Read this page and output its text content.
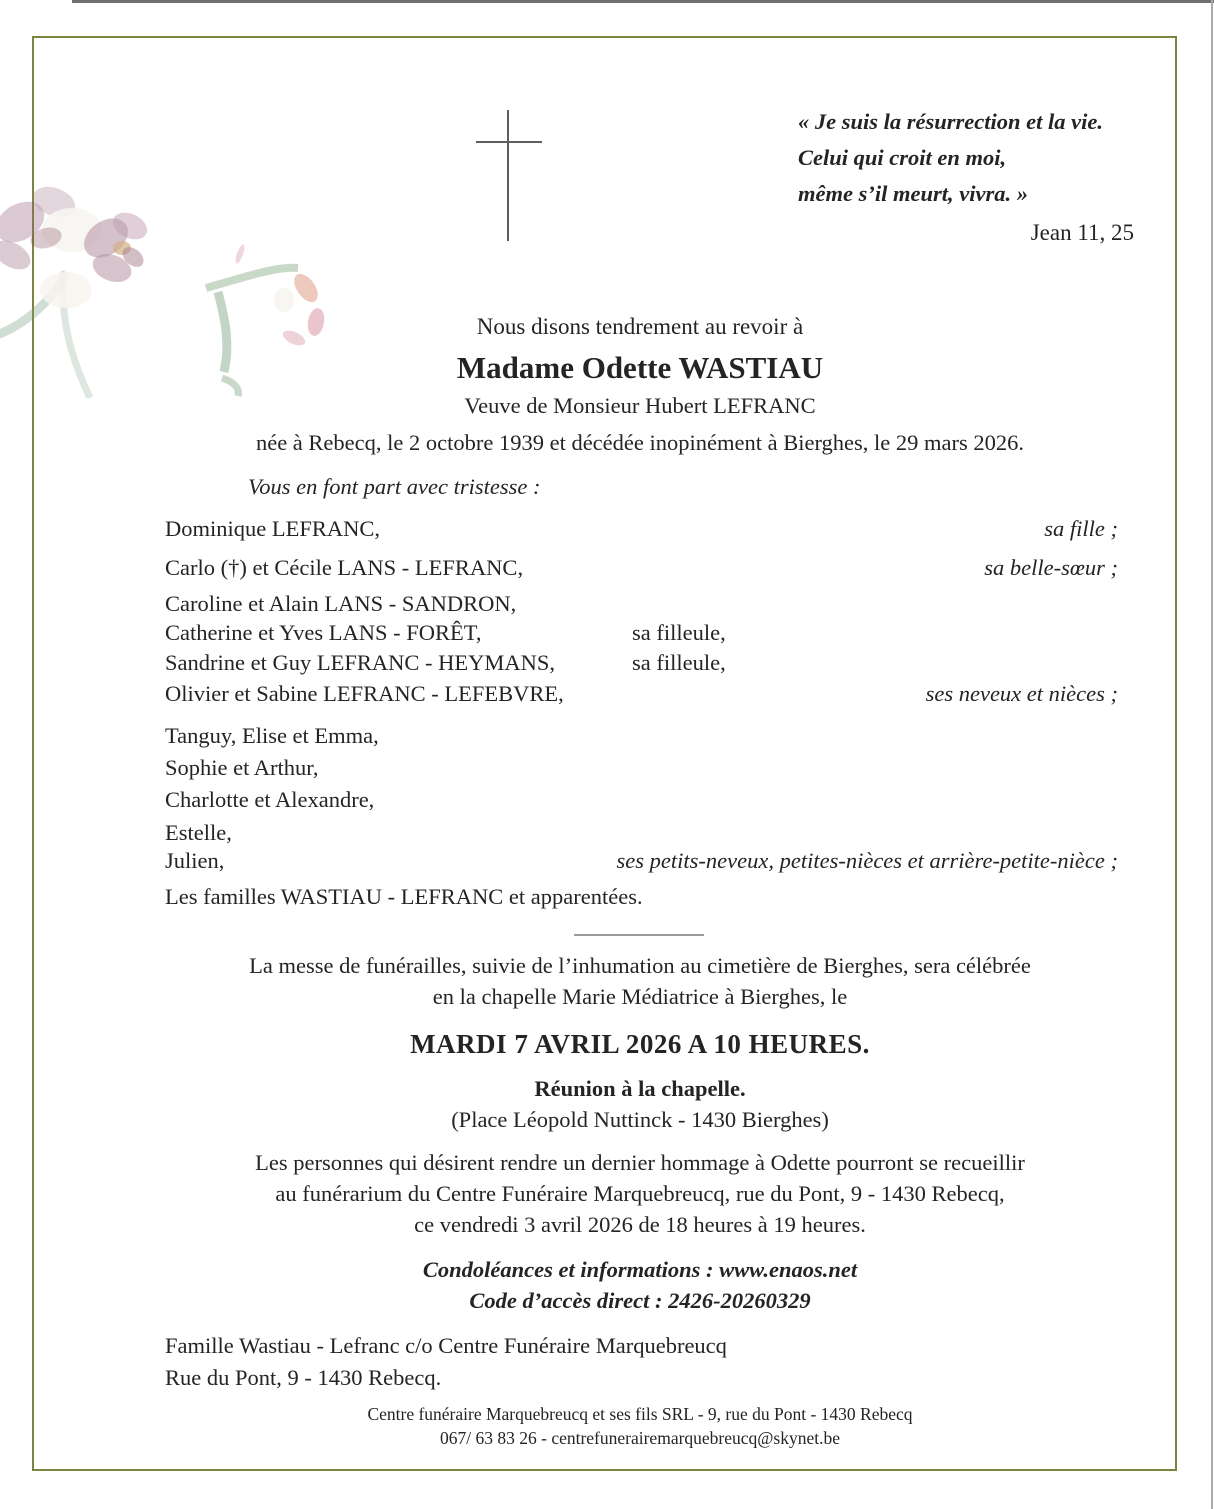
« Je suis la résurrection et la vie.
Celui qui croit en moi,
même s’il meurt, vivra. »
Jean 11, 25
Nous disons tendrement au revoir à
Madame Odette WASTIAU
Veuve de Monsieur Hubert LEFRANC
née à Rebecq, le 2 octobre 1939 et décédée inopinément à Bierghes, le 29 mars 2026.
Vous en font part avec tristesse :
Dominique LEFRANC,	sa fille ;
Carlo (†) et Cécile LANS - LEFRANC,	sa belle-sœur ;
Caroline et Alain LANS - SANDRON,
Catherine et Yves LANS - FORÊT,	sa filleule,
Sandrine et Guy LEFRANC - HEYMANS,	sa filleule,
Olivier et Sabine LEFRANC - LEFEBVRE,	ses neveux et nièces ;
Tanguy, Elise et Emma,
Sophie et Arthur,
Charlotte et Alexandre,
Estelle,
Julien,	ses petits-neveux, petites-nièces et arrière-petite-nièce ;
Les familles WASTIAU - LEFRANC et apparentées.
La messe de funérailles, suivie de l’inhumation au cimetière de Bierghes, sera célébrée
en la chapelle Marie Médiatrice à Bierghes, le
MARDI 7 AVRIL 2026 A 10 HEURES.
Réunion à la chapelle.
(Place Léopold Nuttinck - 1430 Bierghes)
Les personnes qui désirent rendre un dernier hommage à Odette pourront se recueillir
au funérarium du Centre Funéraire Marquebreucq, rue du Pont, 9 - 1430 Rebecq,
ce vendredi 3 avril 2026 de 18 heures à 19 heures.
Condoléances et informations : www.enaos.net
Code d’accès direct : 2426-20260329
Famille Wastiau - Lefranc c/o Centre Funéraire Marquebreucq
Rue du Pont, 9 - 1430 Rebecq.
Centre funéraire Marquebreucq et ses fils SRL - 9, rue du Pont - 1430 Rebecq
067/ 63 83 26 - centrefunerairemarquebreucq@skynet.be
